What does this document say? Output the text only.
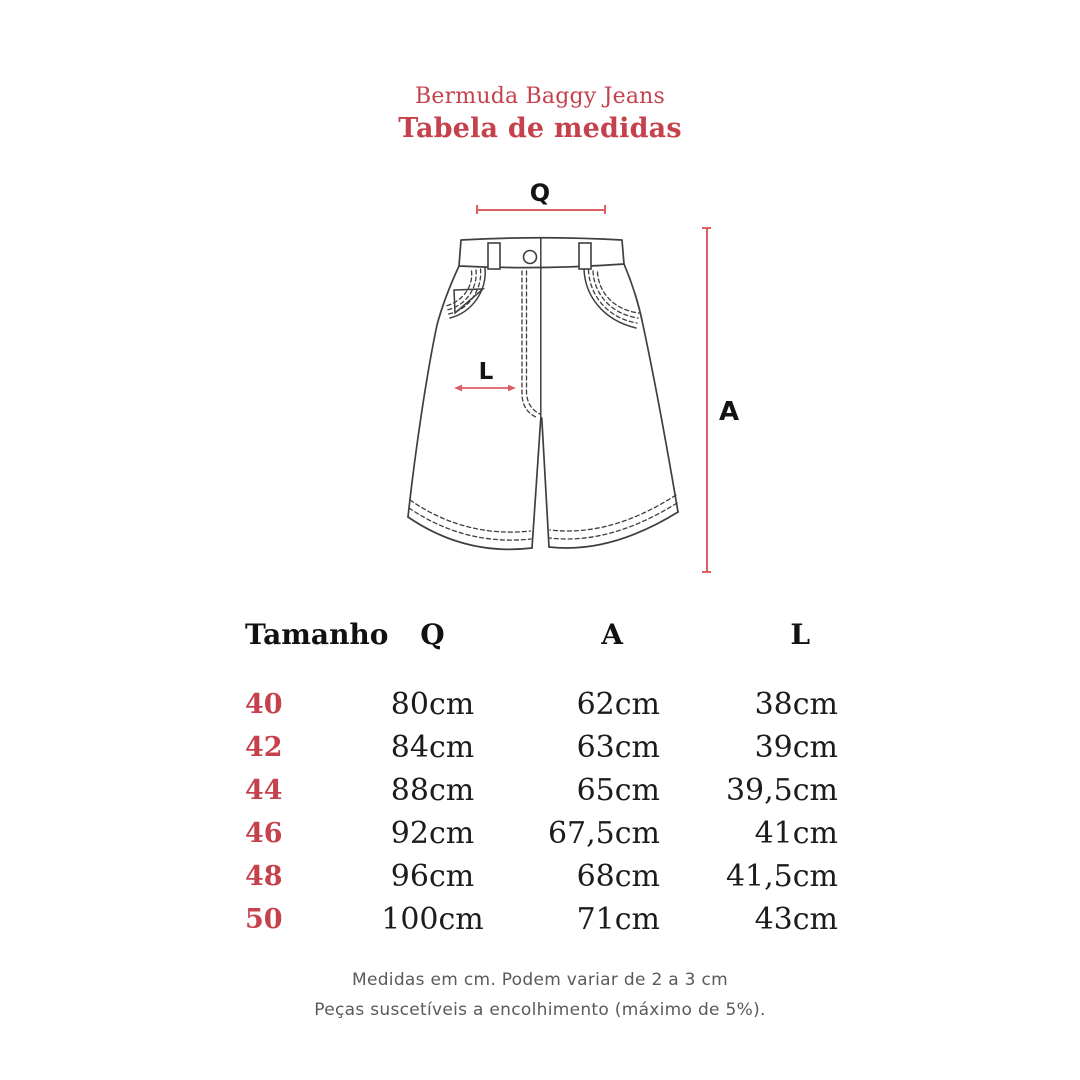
Bermuda Baggy Jeans
Tabela de medidas
Q
A
L
Tamanho	Q	A	L
40	80cm	62cm	38cm
42	84cm	63cm	39cm
44	88cm	65cm	39,5cm
46	92cm	67,5cm	41cm
48	96cm	68cm	41,5cm
50	100cm	71cm	43cm
Medidas em cm. Podem variar de 2 a 3 cm
Peças suscetíveis a encolhimento (máximo de 5%).
